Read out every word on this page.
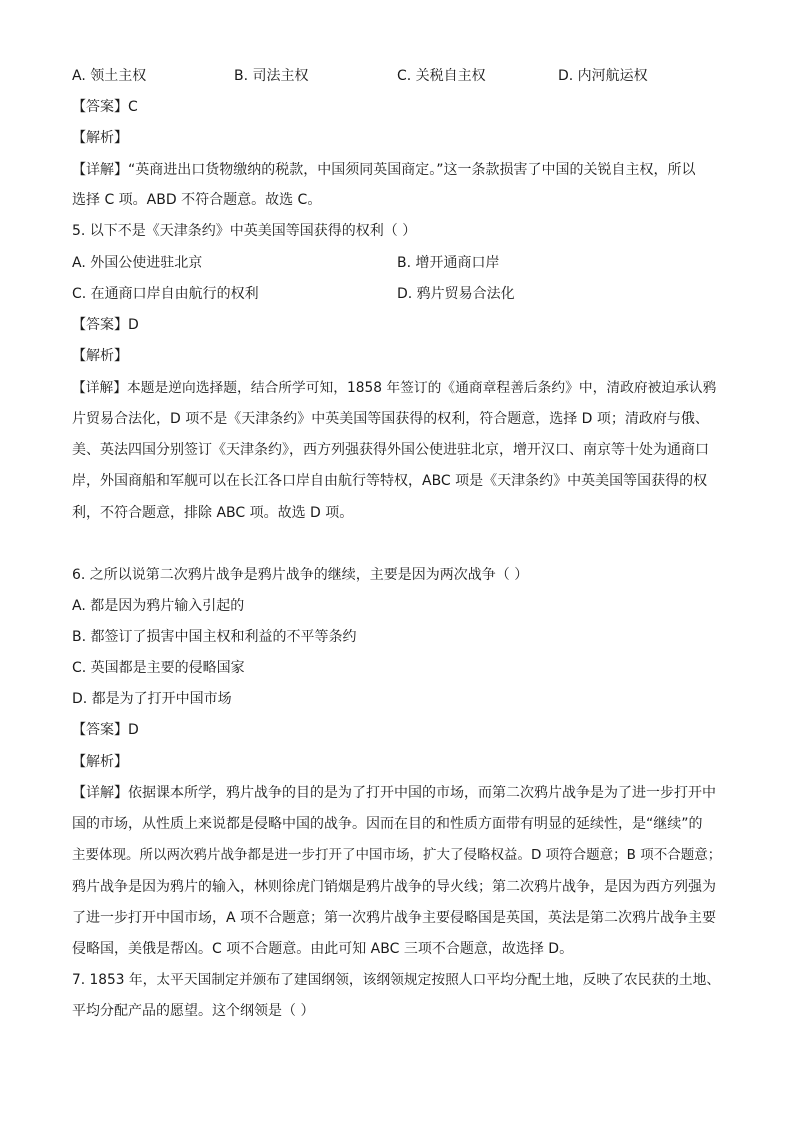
A. 领土主权	B. 司法主权	C. 关税自主权	D. 内河航运权
【答案】C
【解析】
【详解】“英商进出口货物缴纳的税款，中国须同英国商定。”这一条款损害了中国的关锐自主权，所以
选择 C 项。ABD 不符合题意。故选 C。
5. 以下不是《天津条约》中英美国等国获得的权利（ ）
A. 外国公使进驻北京	B. 增开通商口岸
C. 在通商口岸自由航行的权利	D. 鸦片贸易合法化
【答案】D
【解析】
【详解】本题是逆向选择题，结合所学可知，1858 年签订的《通商章程善后条约》中，清政府被迫承认鸦
片贸易合法化，D 项不是《天津条约》中英美国等国获得的权利，符合题意，选择 D 项；清政府与俄、
美、英法四国分别签订《天津条约》，西方列强获得外国公使进驻北京，增开汉口、南京等十处为通商口
岸，外国商船和军舰可以在长江各口岸自由航行等特权，ABC 项是《天津条约》中英美国等国获得的权
利，不符合题意，排除 ABC 项。故选 D 项。
6. 之所以说第二次鸦片战争是鸦片战争的继续，主要是因为两次战争（ ）
A. 都是因为鸦片输入引起的
B. 都签订了损害中国主权和利益的不平等条约
C. 英国都是主要的侵略国家
D. 都是为了打开中国市场
【答案】D
【解析】
【详解】依据课本所学，鸦片战争的目的是为了打开中国的市场，而第二次鸦片战争是为了进一步打开中
国的市场，从性质上来说都是侵略中国的战争。因而在目的和性质方面带有明显的延续性，是“继续”的
主要体现。所以两次鸦片战争都是进一步打开了中国市场，扩大了侵略权益。D 项符合题意；B 项不合题意；
鸦片战争是因为鸦片的输入，林则徐虎门销烟是鸦片战争的导火线；第二次鸦片战争，是因为西方列强为
了进一步打开中国市场，A 项不合题意；第一次鸦片战争主要侵略国是英国，英法是第二次鸦片战争主要
侵略国，美俄是帮凶。C 项不合题意。由此可知 ABC 三项不合题意，故选择 D。
7. 1853 年，太平天国制定并颁布了建国纲领，该纲领规定按照人口平均分配土地，反映了农民获的土地、
平均分配产品的愿望。这个纲领是（ ）
